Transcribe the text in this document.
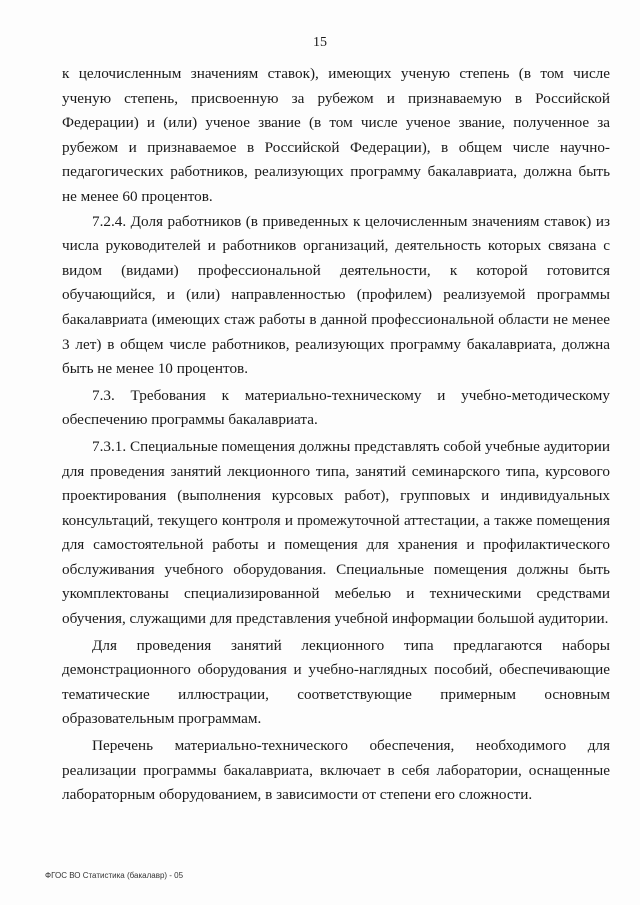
15

к целочисленным значениям ставок), имеющих ученую степень (в том числе ученую степень, присвоенную за рубежом и признаваемую в Российской Федерации) и (или) ученое звание (в том числе ученое звание, полученное за рубежом и признаваемое в Российской Федерации), в общем числе научно-педагогических работников, реализующих программу бакалавриата, должна быть не менее 60 процентов.

7.2.4. Доля работников (в приведенных к целочисленным значениям ставок) из числа руководителей и работников организаций, деятельность которых связана с видом (видами) профессиональной деятельности, к которой готовится обучающийся, и (или) направленностью (профилем) реализуемой программы бакалавриата (имеющих стаж работы в данной профессиональной области не менее 3 лет) в общем числе работников, реализующих программу бакалавриата, должна быть не менее 10 процентов.

7.3. Требования к материально-техническому и учебно-методическому обеспечению программы бакалавриата.

7.3.1. Специальные помещения должны представлять собой учебные аудитории для проведения занятий лекционного типа, занятий семинарского типа, курсового проектирования (выполнения курсовых работ), групповых и индивидуальных консультаций, текущего контроля и промежуточной аттестации, а также помещения для самостоятельной работы и помещения для хранения и профилактического обслуживания учебного оборудования. Специальные помещения должны быть укомплектованы специализированной мебелью и техническими средствами обучения, служащими для представления учебной информации большой аудитории.

Для проведения занятий лекционного типа предлагаются наборы демонстрационного оборудования и учебно-наглядных пособий, обеспечивающие тематические иллюстрации, соответствующие примерным основным образовательным программам.

Перечень материально-технического обеспечения, необходимого для реализации программы бакалавриата, включает в себя лаборатории, оснащенные лабораторным оборудованием, в зависимости от степени его сложности.

ФГОС ВО Статистика (бакалавр) - 05
